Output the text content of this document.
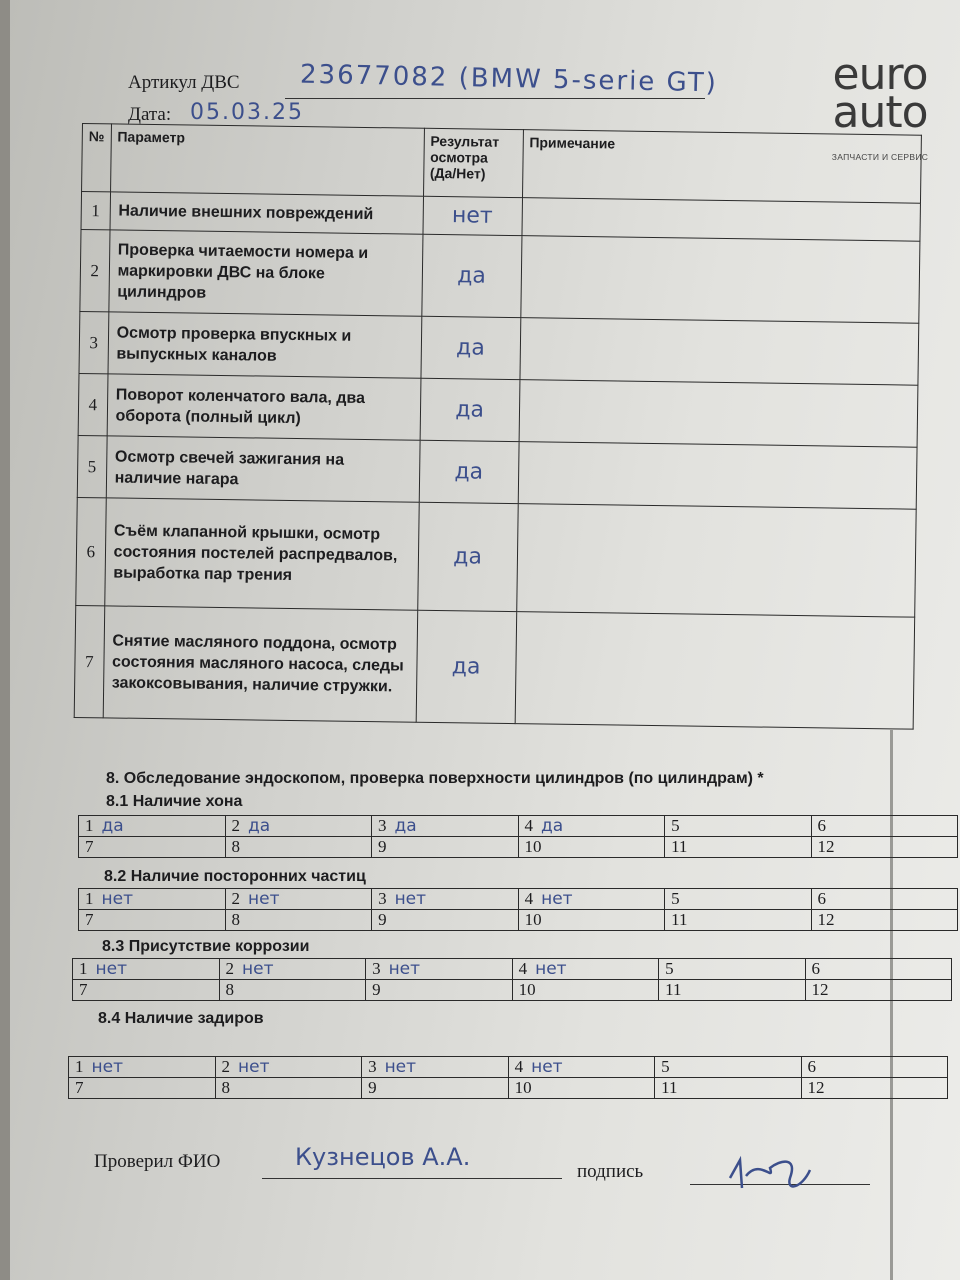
Артикул ДВС 23677082 (BMW 5-serie GT)
Дата: 05.03.25
euro
auto
ЗАПЧАСТИ И СЕРВИС
№	Параметр	Результат осмотра (Да/Нет)	Примечание
1	Наличие внешних повреждений	нет	
2	Проверка читаемости номера и маркировки ДВС на блоке цилиндров	да	
3	Осмотр проверка впускных и выпускных каналов	да	
4	Поворот коленчатого вала, два оборота (полный цикл)	да	
5	Осмотр свечей зажигания на наличие нагара	да	
6	Съём клапанной крышки, осмотр состояния постелей распредвалов, выработка пар трения	да	
7	Снятие масляного поддона, осмотр состояния масляного насоса, следы закоксовывания, наличие стружки.	да	
8. Обследование эндоскопом, проверка поверхности цилиндров (по цилиндрам) *
8.1 Наличие хона
1 да	2 да	3 да	4 да	5	6
7	8	9	10	11	12
8.2 Наличие посторонних частиц
1 нет	2 нет	3 нет	4 нет	5	6
7	8	9	10	11	12
8.3 Присутствие коррозии
1 нет	2 нет	3 нет	4 нет	5	6
7	8	9	10	11	12
8.4 Наличие задиров
1 нет	2 нет	3 нет	4 нет	5	6
7	8	9	10	11	12
Проверил ФИО	Кузнецов А.А.
подпись
